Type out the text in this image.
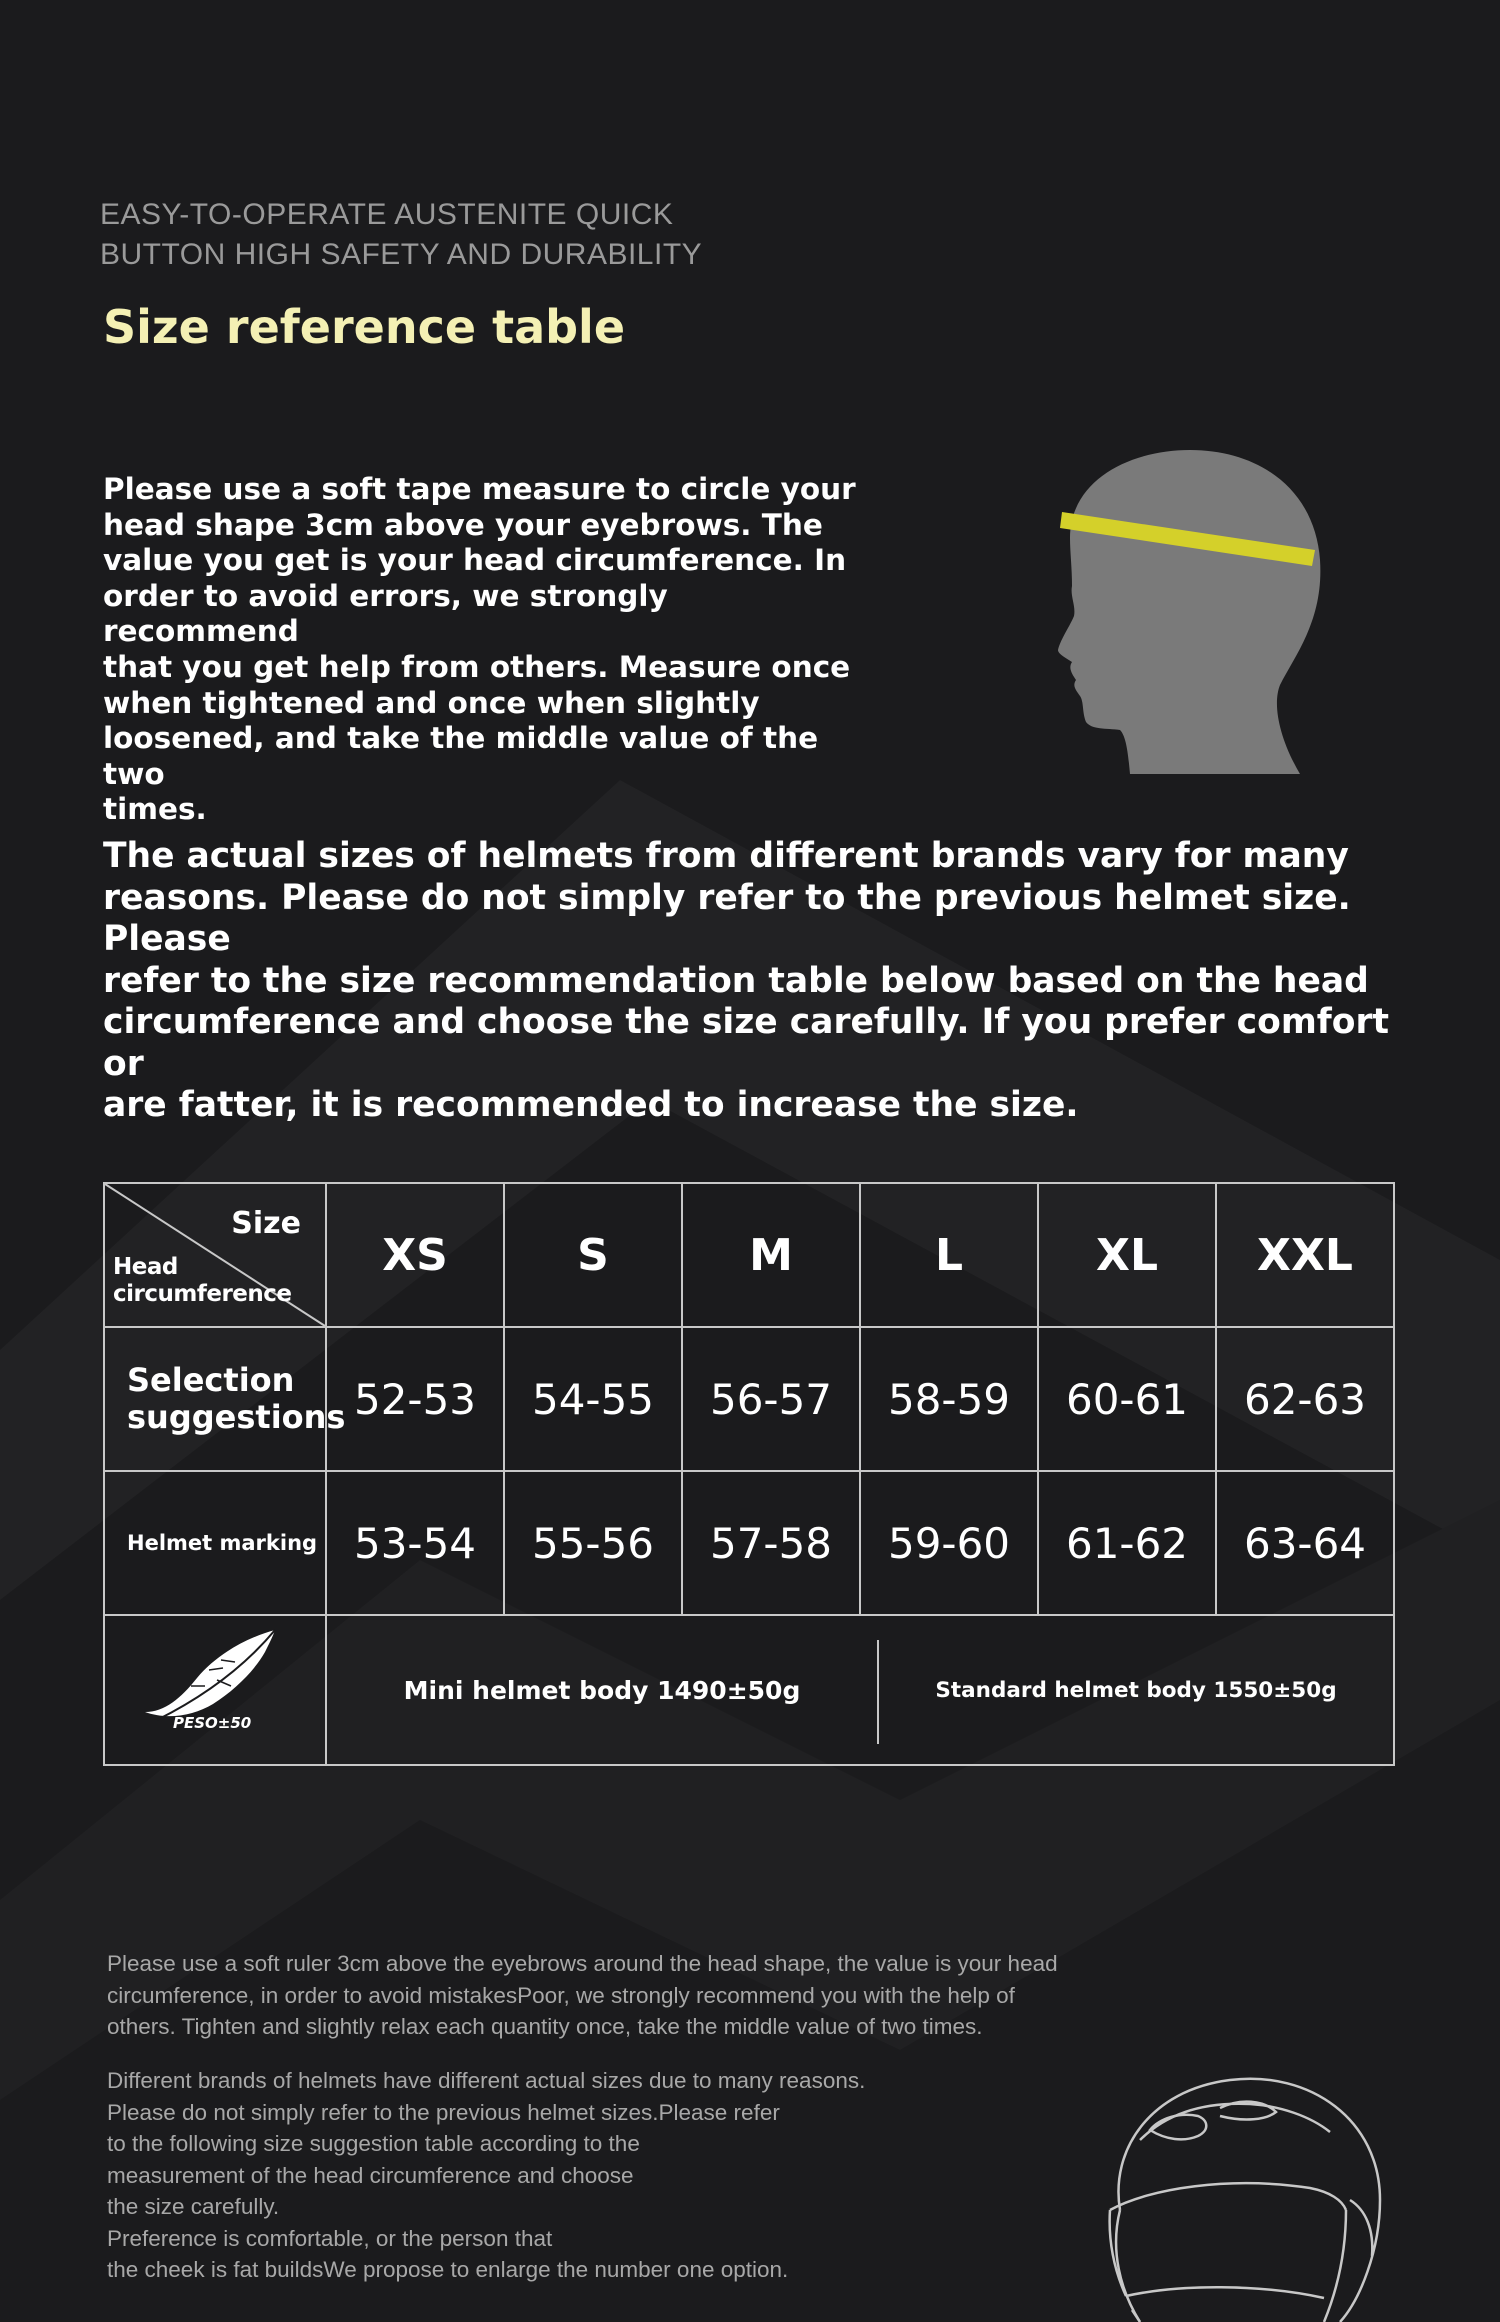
EASY-TO-OPERATE AUSTENITE QUICK
BUTTON HIGH SAFETY AND DURABILITY
Size reference table
Please use a soft tape measure to circle your
head shape 3cm above your eyebrows. The
value you get is your head circumference. In
order to avoid errors, we strongly recommend
that you get help from others. Measure once
when tightened and once when slightly
loosened, and take the middle value of the two
times.
The actual sizes of helmets from different brands vary for many
reasons. Please do not simply refer to the previous helmet size. Please
refer to the size recommendation table below based on the head
circumference and choose the size carefully. If you prefer comfort or
are fatter, it is recommended to increase the size.
Size
Head
circumference
XS	S	M	L	XL	XXL
Selection
suggestions 52-53	54-55	56-57	58-59	60-61	62-63
Helmet marking 53-54	55-56	57-58	59-60	61-62	63-64
PESO±50
Mini helmet body 1490±50g	Standard helmet body 1550±50g
Please use a soft ruler 3cm above the eyebrows around the head shape, the value is your head
circumference, in order to avoid mistakesPoor, we strongly recommend you with the help of
others. Tighten and slightly relax each quantity once, take the middle value of two times.
Different brands of helmets have different actual sizes due to many reasons.
Please do not simply refer to the previous helmet sizes.Please refer
to the following size suggestion table according to the
measurement of the head circumference and choose
the size carefully.
Preference is comfortable, or the person that
the cheek is fat buildsWe propose to enlarge the number one option.
